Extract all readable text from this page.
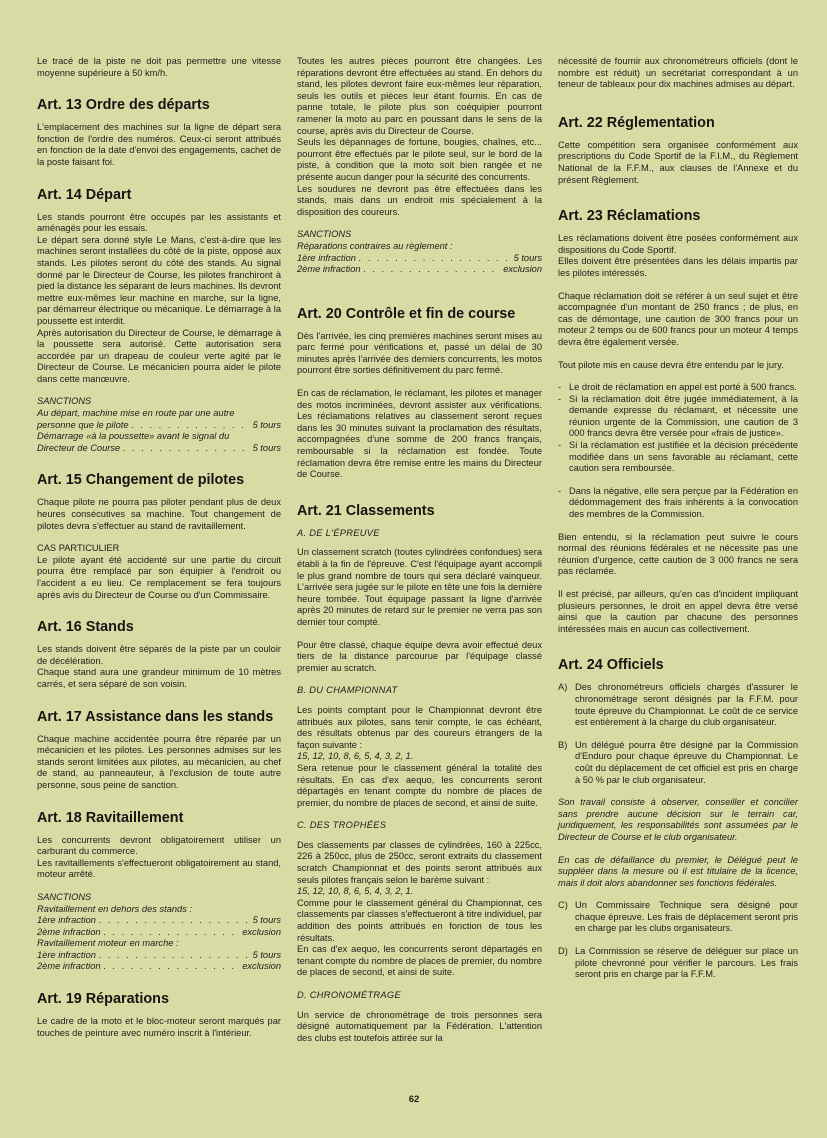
Le tracé de la piste ne doit pas permettre une vitesse moyenne supérieure à 50 km/h.

Art. 13 Ordre des départs

L'emplacement des machines sur la ligne de départ sera fonction de l'ordre des numéros. Ceux-ci seront attribués en fonction de la date d'envoi des engagements, cachet de la poste faisant foi.

Art. 14 Départ

Les stands pourront être occupés par les assistants et aménagés pour les essais.

Le départ sera donné style Le Mans, c'est-à-dire que les machines seront installées du côté de la piste, opposé aux stands. Les pilotes seront du côté des stands. Au signal donné par le Directeur de Course, les pilotes franchiront à pied la distance les séparant de leurs machines. Ils devront mettre eux-mêmes leur machine en marche, sur la ligne, par démarreur électrique ou mécanique. Le démarrage à la poussette est interdit.

Après autorisation du Directeur de Course, le démarrage à la poussette sera autorisé. Cette autorisation sera accordée par un drapeau de couleur verte agité par le Directeur de Course. Le mécanicien pourra aider le pilote dans cette manœuvre.

SANCTIONS
Au départ, machine mise en route par une autre
personne que le pilote . . .	5 tours
Démarrage «à la poussette» avant le signal du
Directeur de Course . . .	5 tours
Art. 15 Changement de pilotes

Chaque pilote ne pourra pas piloter pendant plus de deux heures consécutives sa machine. Tout changement de pilotes devra s'effectuer au stand de ravitaillement.

CAS PARTICULIER

Le pilote ayant été accidenté sur une partie du circuit pourra être remplacé par son équipier à l'endroit ou l'accident a eu lieu. Ce remplacement se fera toujours après avis du Directeur de Course ou d'un Commissaire.

Art. 16 Stands

Les stands doivent être séparés de la piste par un couloir de décélération.

Chaque stand aura une grandeur minimum de 10 mètres carrés, et sera séparé de son voisin.

Art. 17 Assistance dans les stands

Chaque machine accidentée pourra être réparée par un mécanicien et les pilotes. Les personnes admises sur les stands seront limitées aux pilotes, au mécanicien, au chef de stand, au panneauteur, à l'exclusion de toute autre personne, sous peine de sanction.

Art. 18 Ravitaillement

Les concurrents devront obligatoirement utiliser un carburant du commerce.

Les ravitaillements s'effectueront obligatoirement au stand, moteur arrêté.

SANCTIONS
Ravitaillement en dehors des stands :
1ère infraction . . .	5 tours
2ème infraction . . .	exclusion
Ravitaillement moteur en marche :
1ère infraction . . .	5 tours
2ème infraction . . .	exclusion
Art. 19 Réparations

Le cadre de la moto et le bloc-moteur seront marqués par touches de peinture avec numéro inscrit à l'intérieur.

Toutes les autres pièces pourront être changées. Les réparations devront être effectuées au stand. En dehors du stand, les pilotes devront faire eux-mêmes leur réparation, seuls les outils et pièces leur étant fournis. En cas de panne totale, le pilote plus son coéquipier pourront ramener la moto au parc en poussant dans le sens de la course, après avis du Directeur de Course.

Seuls les dépannages de fortune, bougies, chaînes, etc... pourront être effectués par le pilote seul, sur le bord de la piste, à condition que la moto soit bien rangée et ne présente aucun danger pour la sécurité des concurrents.

Les soudures ne devront pas être effectuées dans les stands, mais dans un endroit mis spécialement à la disposition des coureurs.

SANCTIONS
Réparations contraires au règlement :
1ère infraction . . .	5 tours
2ème infraction . . .	exclusion
Art. 20 Contrôle et fin de course

Dès l'arrivée, les cinq premières machines seront mises au parc fermé pour vérifications et, passé un délai de 30 minutes après l'arrivée des derniers concurrents, les motos pourront être sorties définitivement du parc fermé.

En cas de réclamation, le réclamant, les pilotes et manager des motos incriminées, devront assister aux vérifications. Les réclamations relatives au classement seront reçues dans les 30 minutes suivant la proclamation des résultats, accompagnées d'une somme de 200 francs français, remboursable si la réclamation est fondée. Toute réclamation devra être remise entre les mains du Directeur de Course.

Art. 21 Classements
A. DE L'ÉPREUVE

Un classement scratch (toutes cylindrées confondues) sera établi à la fin de l'épreuve. C'est l'équipage ayant accompli le plus grand nombre de tours qui sera déclaré vainqueur. L'arrivée sera jugée sur le pilote en tête une fois la dernière heure tombée. Tout équipage passant la ligne d'arrivée après 20 minutes de retard sur le premier ne verra pas son dernier tour compté.

Pour être classé, chaque équipe devra avoir effectué deux tiers de la distance parcourue par l'équipage classé premier au scratch.

B. DU CHAMPIONNAT

Les points comptant pour le Championnat devront être attribués aux pilotes, sans tenir compte, le cas échéant, des résultats obtenus par des coureurs étrangers de la façon suivante :

15, 12, 10, 8, 6, 5, 4, 3, 2, 1.

Sera retenue pour le classement général la totalité des résultats. En cas d'ex aequo, les concurrents seront départagés en tenant compte du nombre de places de premier, du nombre de places de second, et ainsi de suite.

C. DES TROPHÉES

Des classements par classes de cylindrées, 160 à 225cc, 226 à 250cc, plus de 250cc, seront extraits du classement scratch Championnat et des points seront attribués aux seuls pilotes français selon le barème suivant :

15, 12, 10, 8, 6, 5, 4, 3, 2, 1.

Comme pour le classement général du Championnat, ces classements par classes s'effectueront à titre individuel, par addition des points attribués en fonction de tous les résultats.

En cas d'ex aequo, les concurrents seront départagés en tenant compte du nombre de places de premier, du nombre de places de second, et ainsi de suite.

D. CHRONOMÉTRAGE

Un service de chronométrage de trois personnes sera désigné automatiquement par la Fédération. L'attention des clubs est toutefois attirée sur la

nécessité de fournir aux chronométreurs officiels (dont le nombre est réduit) un secrétariat correspondant à un teneur de tableaux pour dix machines admises au départ.

Art. 22 Réglementation

Cette compétition sera organisée conformément aux prescriptions du Code Sportif de la F.I.M., du Règlement National de la F.F.M., aux clauses de l'Annexe et du présent Règlement.

Art. 23 Réclamations

Les réclamations doivent être posées conformément aux dispositions du Code Sportif.

Elles doivent être présentées dans les délais impartis par les pilotes intéressés.

Chaque réclamation doit se référer à un seul sujet et être accompagnée d'un montant de 250 francs ; de plus, en cas de démontage, une caution de 300 francs pour un moteur 2 temps ou de 600 francs pour un moteur 4 temps devra être également versée.

Tout pilote mis en cause devra être entendu par le jury.

- Le droit de réclamation en appel est porté à 500 francs.
- Si la réclamation doit être jugée immédiatement, à la demande expresse du réclamant, et nécessite une réunion urgente de la Commission, une caution de 3 000 francs devra être versée pour «frais de justice».
- Si la réclamation est justifiée et la décision précédente modifiée dans un sens favorable au réclamant, cette caution sera remboursée.
- Dans la négative, elle sera perçue par la Fédération en dédommagement des frais inhérents à la convocation des membres de la Commission.

Bien entendu, si la réclamation peut suivre le cours normal des réunions fédérales et ne nécessite pas une réunion d'urgence, cette caution de 3 000 francs ne sera pas réclamée.

Il est précisé, par ailleurs, qu'en cas d'incident impliquant plusieurs personnes, le droit en appel devra être versé ainsi que la caution par chacune des personnes intéressées mais en aucun cas collectivement.

Art. 24 Officiels
A) Des chronométreurs officiels chargés d'assurer le chronométrage seront désignés par la F.F.M. pour toute épreuve du Championnat. Le coût de ce service est entièrement à la charge du club organisateur.
B) Un délégué pourra être désigné par la Commission d'Enduro pour chaque épreuve du Championnat. Le coût du déplacement de cet officiel est pris en charge à 50 % par le club organisateur.

Son travail consiste à observer, conseiller et concilier sans prendre aucune décision sur le terrain car, juridiquement, les responsabilités sont assumées par le Directeur de Course et le club organisateur.

En cas de défaillance du premier, le Délégué peut le suppléer dans la mesure où il est titulaire de la licence, mais il doit alors abandonner ses fonctions fédérales.

C) Un Commissaire Technique sera désigné pour chaque épreuve. Les frais de déplacement seront pris en charge par les clubs organisateurs.
D) La Commission se réserve de déléguer sur place un pilote chevronné pour vérifier le parcours. Les frais seront pris en charge par la F.F.M.
62
